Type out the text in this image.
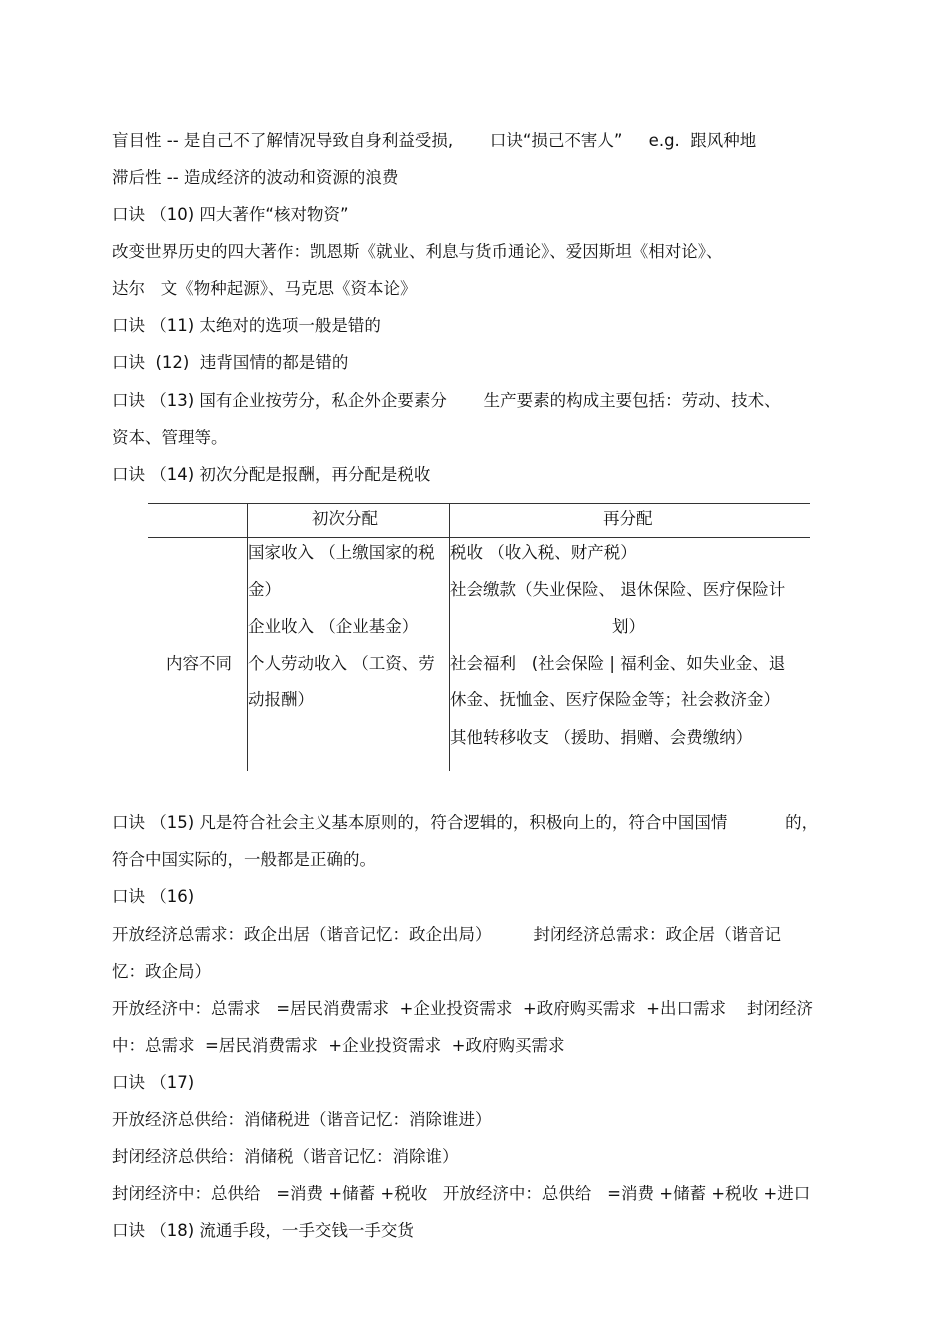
盲目性 -- 是自己不了解情况导致自身利益受损,       口诀“损己不害人”     e.g.  跟风种地
滞后性 -- 造成经济的波动和资源的浪费
口诀 （10) 四大著作“核对物资”
改变世界历史的四大著作：凯恩斯《就业、利息与货币通论》、爱因斯坦《相对论》、
达尔   文《物种起源》、马克思《资本论》
口诀 （11) 太绝对的选项一般是错的
口诀  (12)  违背国情的都是错的
口诀 （13) 国有企业按劳分，私企外企要素分       生产要素的构成主要包括：劳动、技术、
资本、管理等。
口诀 （14) 初次分配是报酬，再分配是税收
初次分配	再分配
内容不同
国家收入 （上缴国家的税
金）
企业收入 （企业基金）
个人劳动收入 （工资、劳
动报酬）
税收 （收入税、财产税）
社会缴款（失业保险、 退休保险、医疗保险计
划）
社会福利   (社会保险 | 福利金、如失业金、退
休金、抚恤金、医疗保险金等；社会救济金）
其他转移收支 （援助、捐赠、会费缴纳）
口诀 （15) 凡是符合社会主义基本原则的，符合逻辑的，积极向上的，符合中国国情           的，
符合中国实际的，一般都是正确的。
口诀 （16)
开放经济总需求：政企出居（谐音记忆：政企出局）        封闭经济总需求：政企居（谐音记
忆：政企局）
开放经济中：总需求   =居民消费需求  +企业投资需求  +政府购买需求  +出口需求    封闭经济
中：总需求  =居民消费需求  +企业投资需求  +政府购买需求
口诀 （17)
开放经济总供给：消储税进（谐音记忆：消除谁进）
封闭经济总供给：消储税（谐音记忆：消除谁）
封闭经济中：总供给   =消费 +储蓄 +税收   开放经济中：总供给   =消费 +储蓄 +税收 +进口
口诀 （18) 流通手段，一手交钱一手交货
